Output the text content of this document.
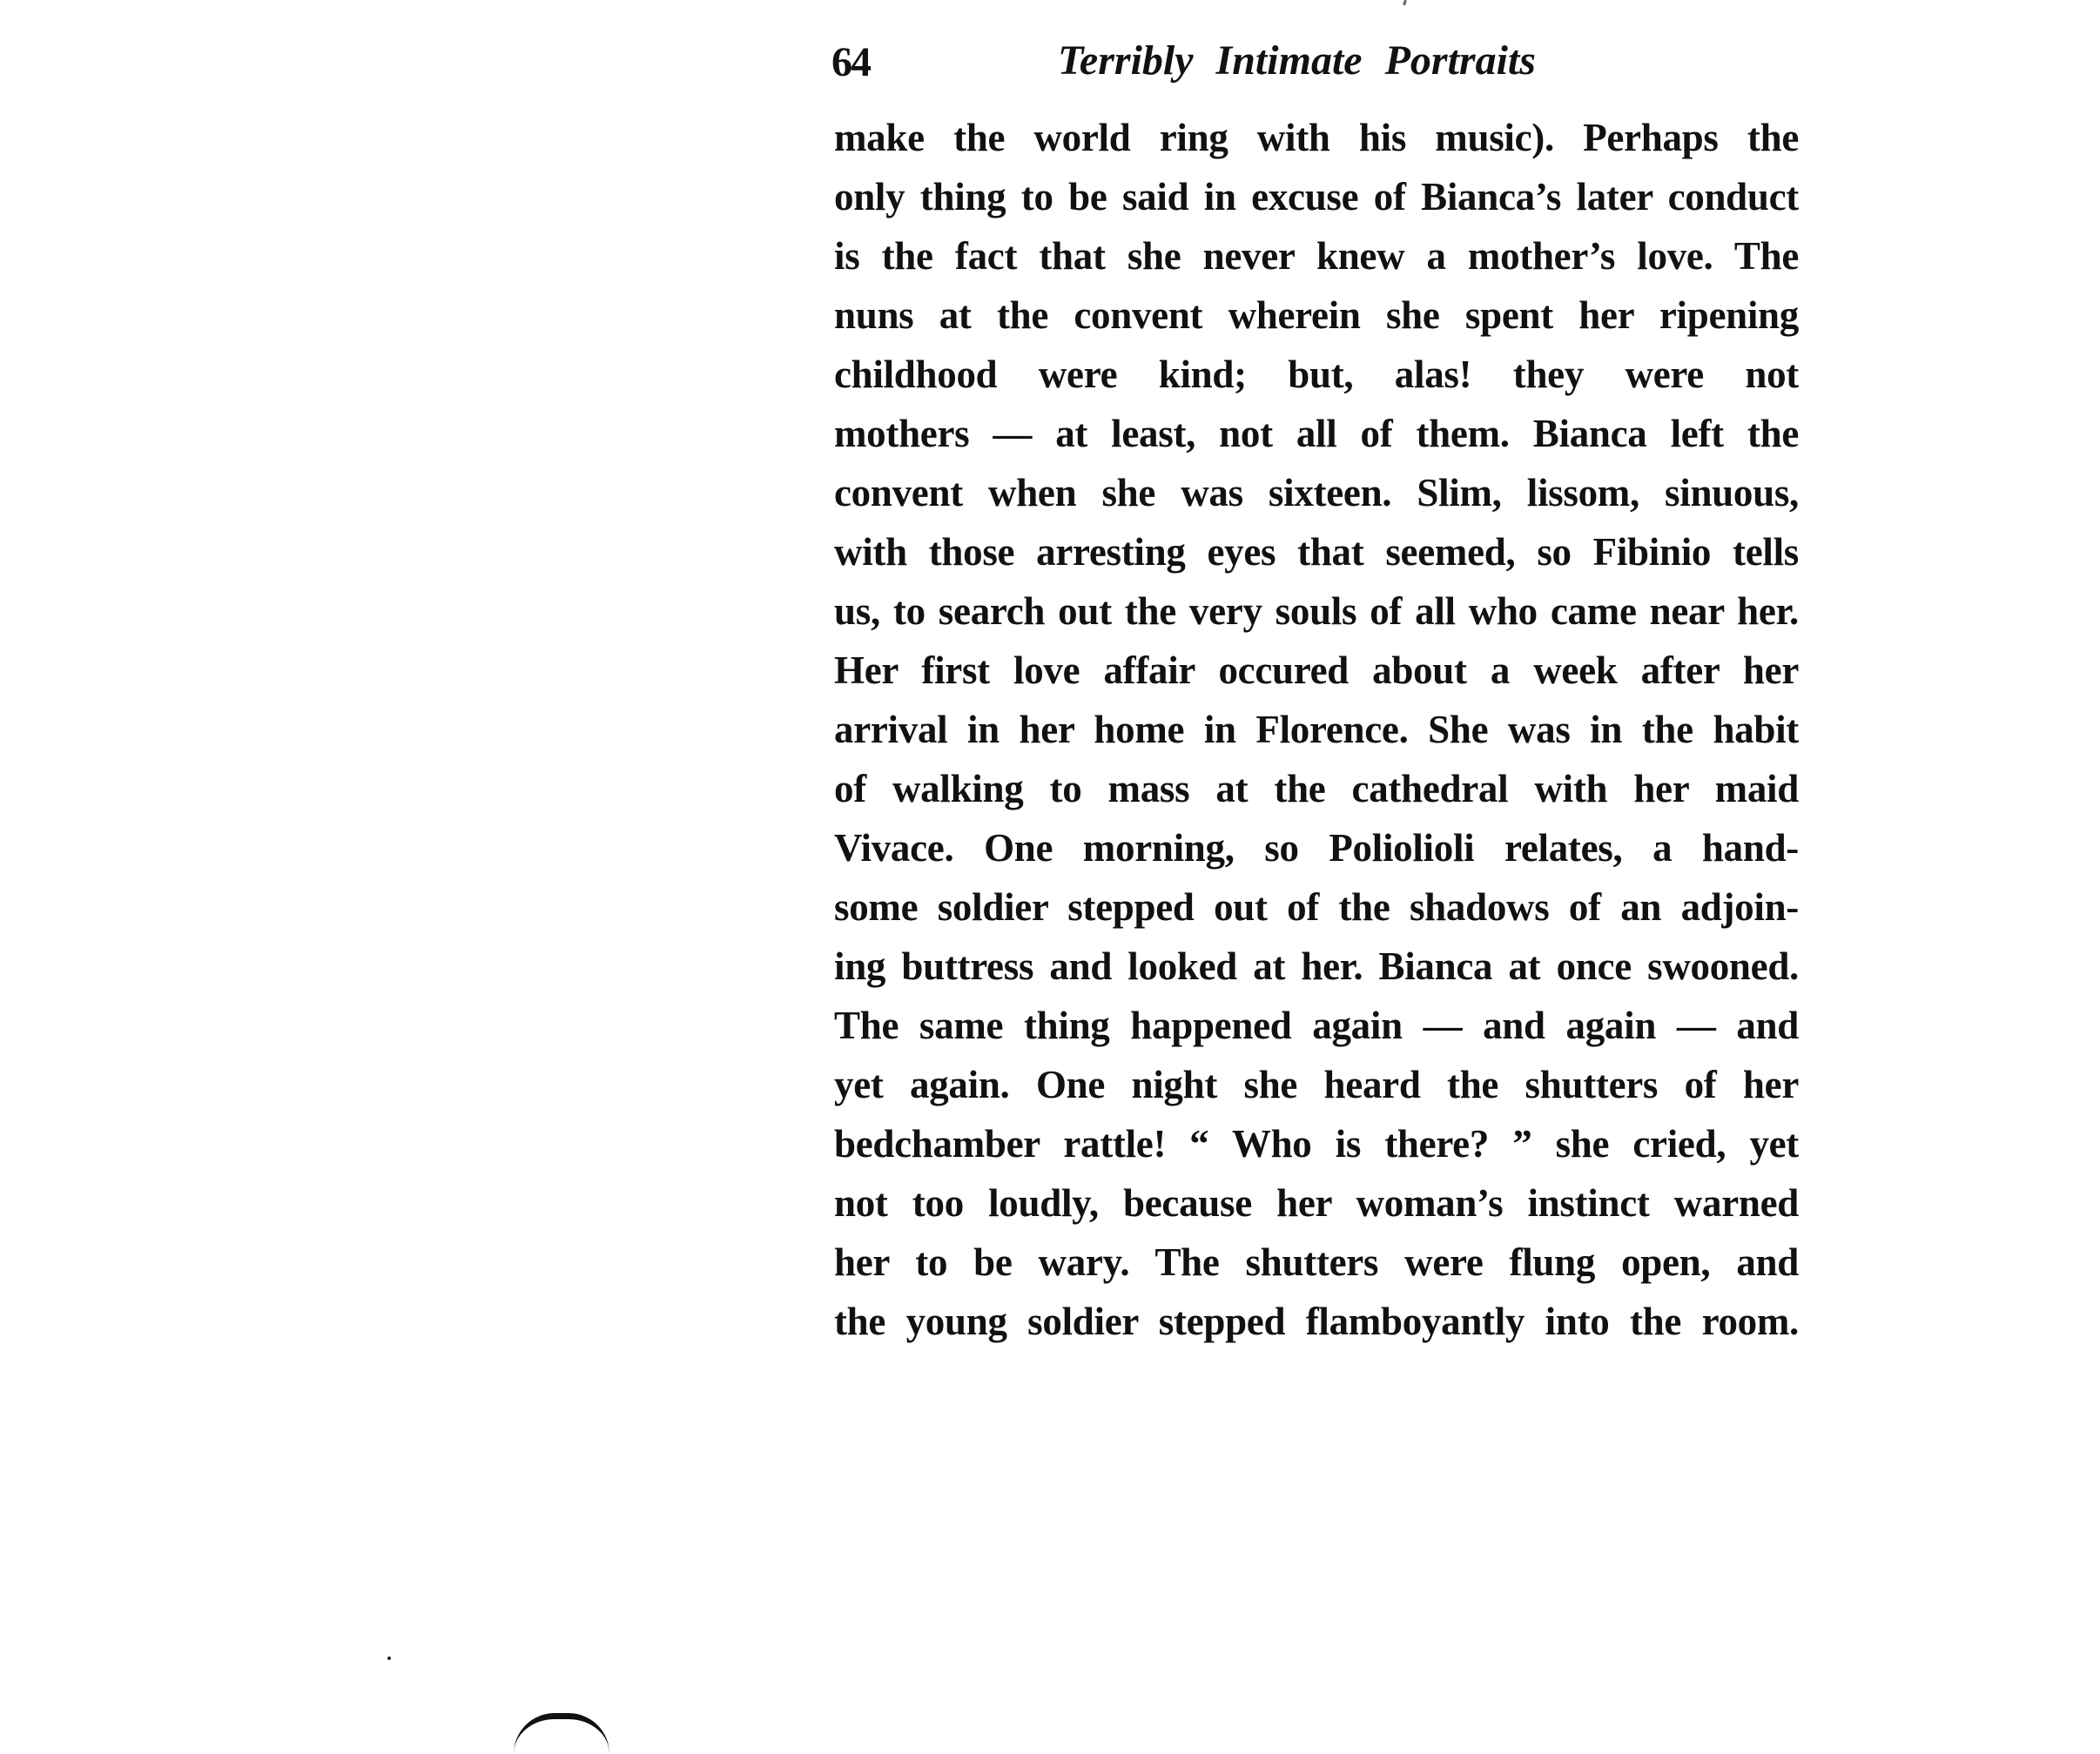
64	Terribly Intimate Portraits
make the world ring with his music). Perhaps the
only thing to be said in excuse of Bianca’s later conduct
is the fact that she never knew a mother’s love. The
nuns at the convent wherein she spent her ripening
childhood were kind; but, alas! they were not
mothers — at least, not all of them. Bianca left the
convent when she was sixteen. Slim, lissom, sinuous,
with those arresting eyes that seemed, so Fibinio tells
us, to search out the very souls of all who came near her.
Her first love affair occured about a week after her
arrival in her home in Florence. She was in the habit
of walking to mass at the cathedral with her maid
Vivace. One morning, so Poliolioli relates, a hand-
some soldier stepped out of the shadows of an adjoin-
ing buttress and looked at her. Bianca at once swooned.
The same thing happened again — and again — and
yet again. One night she heard the shutters of her
bedchamber rattle! “ Who is there? ” she cried, yet
not too loudly, because her woman’s instinct warned
her to be wary. The shutters were flung open, and
the young soldier stepped flamboyantly into the room.
